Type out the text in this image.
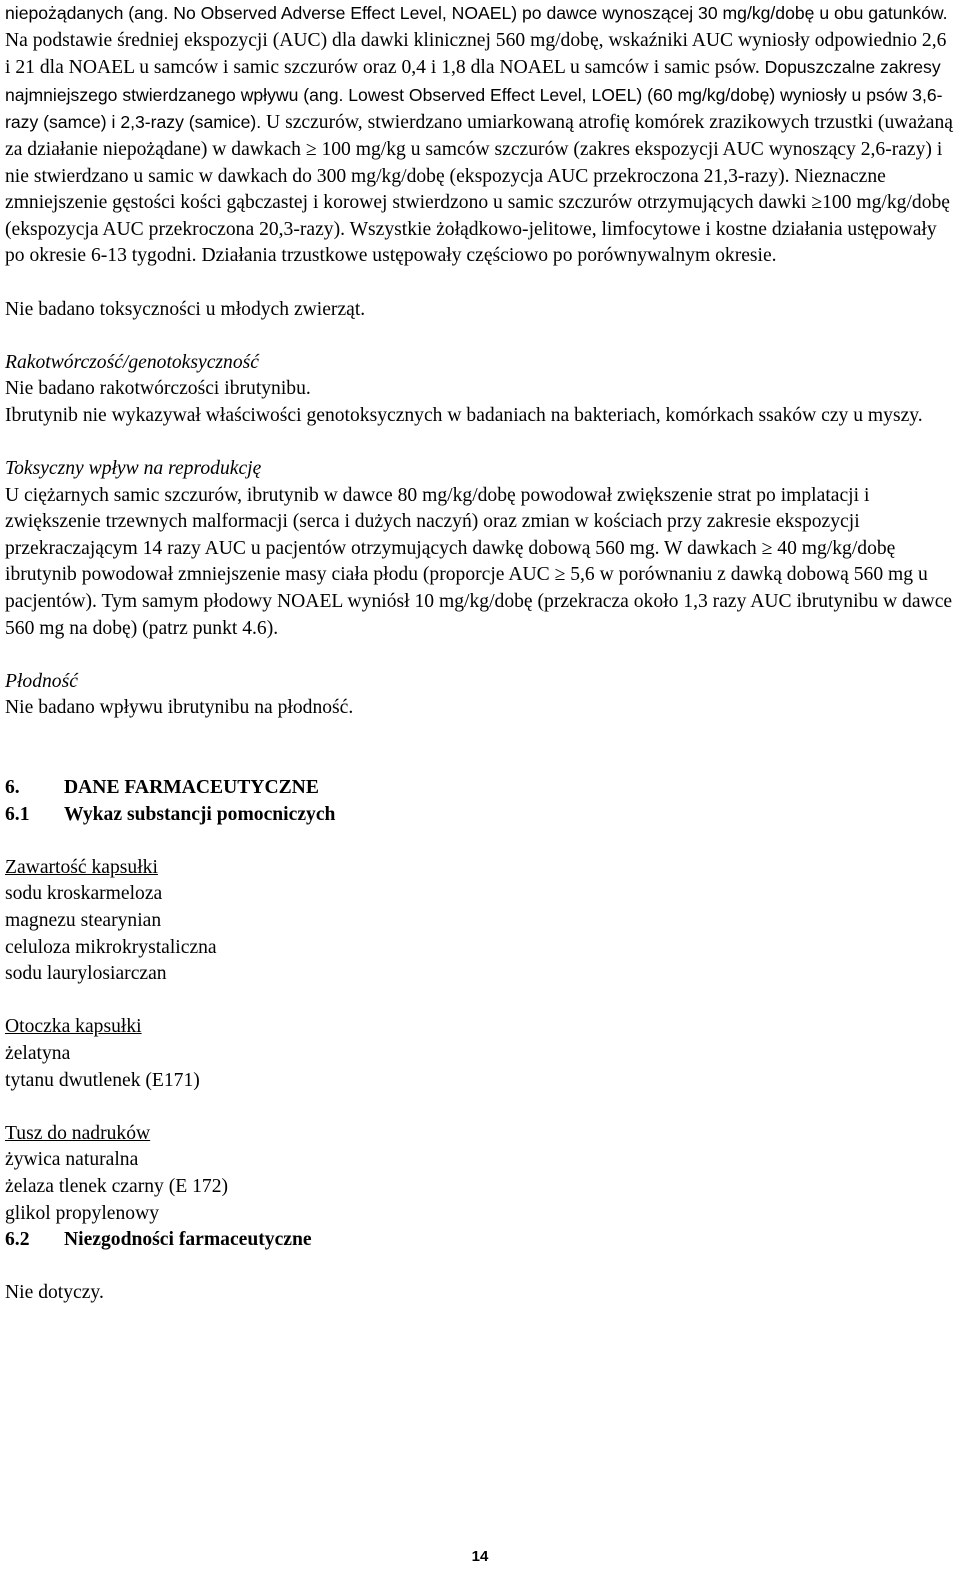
niepożądanych (ang. No Observed Adverse Effect Level, NOAEL) po dawce wynoszącej 30 mg/kg/dobę u obu gatunków. Na podstawie średniej ekspozycji (AUC) dla dawki klinicznej 560 mg/dobę, wskaźniki AUC wyniosły odpowiednio 2,6 i 21 dla NOAEL u samców i samic szczurów oraz 0,4 i 1,8 dla NOAEL u samców i samic psów. Dopuszczalne zakresy najmniejszego stwierdzanego wpływu (ang. Lowest Observed Effect Level, LOEL) (60 mg/kg/dobę) wyniosły u psów 3,6-razy (samce) i 2,3-razy (samice). U szczurów, stwierdzano umiarkowaną atrofię komórek zrazikowych trzustki (uważaną za działanie niepożądane) w dawkach ≥ 100 mg/kg u samców szczurów (zakres ekspozycji AUC wynoszący 2,6-razy) i nie stwierdzano u samic w dawkach do 300 mg/kg/dobę (ekspozycja AUC przekroczona 21,3-razy). Nieznaczne zmniejszenie gęstości kości gąbczastej i korowej stwierdzono u samic szczurów otrzymujących dawki ≥100 mg/kg/dobę (ekspozycja AUC przekroczona 20,3-razy). Wszystkie żołądkowo-jelitowe, limfocytowe i kostne działania ustępowały po okresie 6-13 tygodni. Działania trzustkowe ustępowały częściowo po porównywalnym okresie.

Nie badano toksyczności u młodych zwierząt.

Rakotwórczość/genotoksyczność

Nie badano rakotwórczości ibrutynibu.

Ibrutynib nie wykazywał właściwości genotoksycznych w badaniach na bakteriach, komórkach ssaków czy u myszy.

Toksyczny wpływ na reprodukcję

U ciężarnych samic szczurów, ibrutynib w dawce 80 mg/kg/dobę powodował zwiększenie strat po implatacji i zwiększenie trzewnych malformacji (serca i dużych naczyń) oraz zmian w kościach przy zakresie ekspozycji przekraczającym 14 razy AUC u pacjentów otrzymujących dawkę dobową 560 mg. W dawkach ≥ 40 mg/kg/dobę ibrutynib powodował zmniejszenie masy ciała płodu (proporcje AUC ≥ 5,6 w porównaniu z dawką dobową 560 mg u pacjentów). Tym samym płodowy NOAEL wyniósł 10 mg/kg/dobę (przekracza około 1,3 razy AUC ibrutynibu w dawce 560 mg na dobę) (patrz punkt 4.6).

Płodność

Nie badano wpływu ibrutynibu na płodność.

6.	DANE FARMACEUTYCZNE
6.1	Wykaz substancji pomocniczych

Zawartość kapsułki

sodu kroskarmeloza

magnezu stearynian

celuloza mikrokrystaliczna

sodu laurylosiarczan

Otoczka kapsułki

żelatyna

tytanu dwutlenek (E171)

Tusz do nadruków

żywica naturalna

żelaza tlenek czarny (E 172)

glikol propylenowy

6.2	Niezgodności farmaceutyczne

Nie dotyczy.

14
